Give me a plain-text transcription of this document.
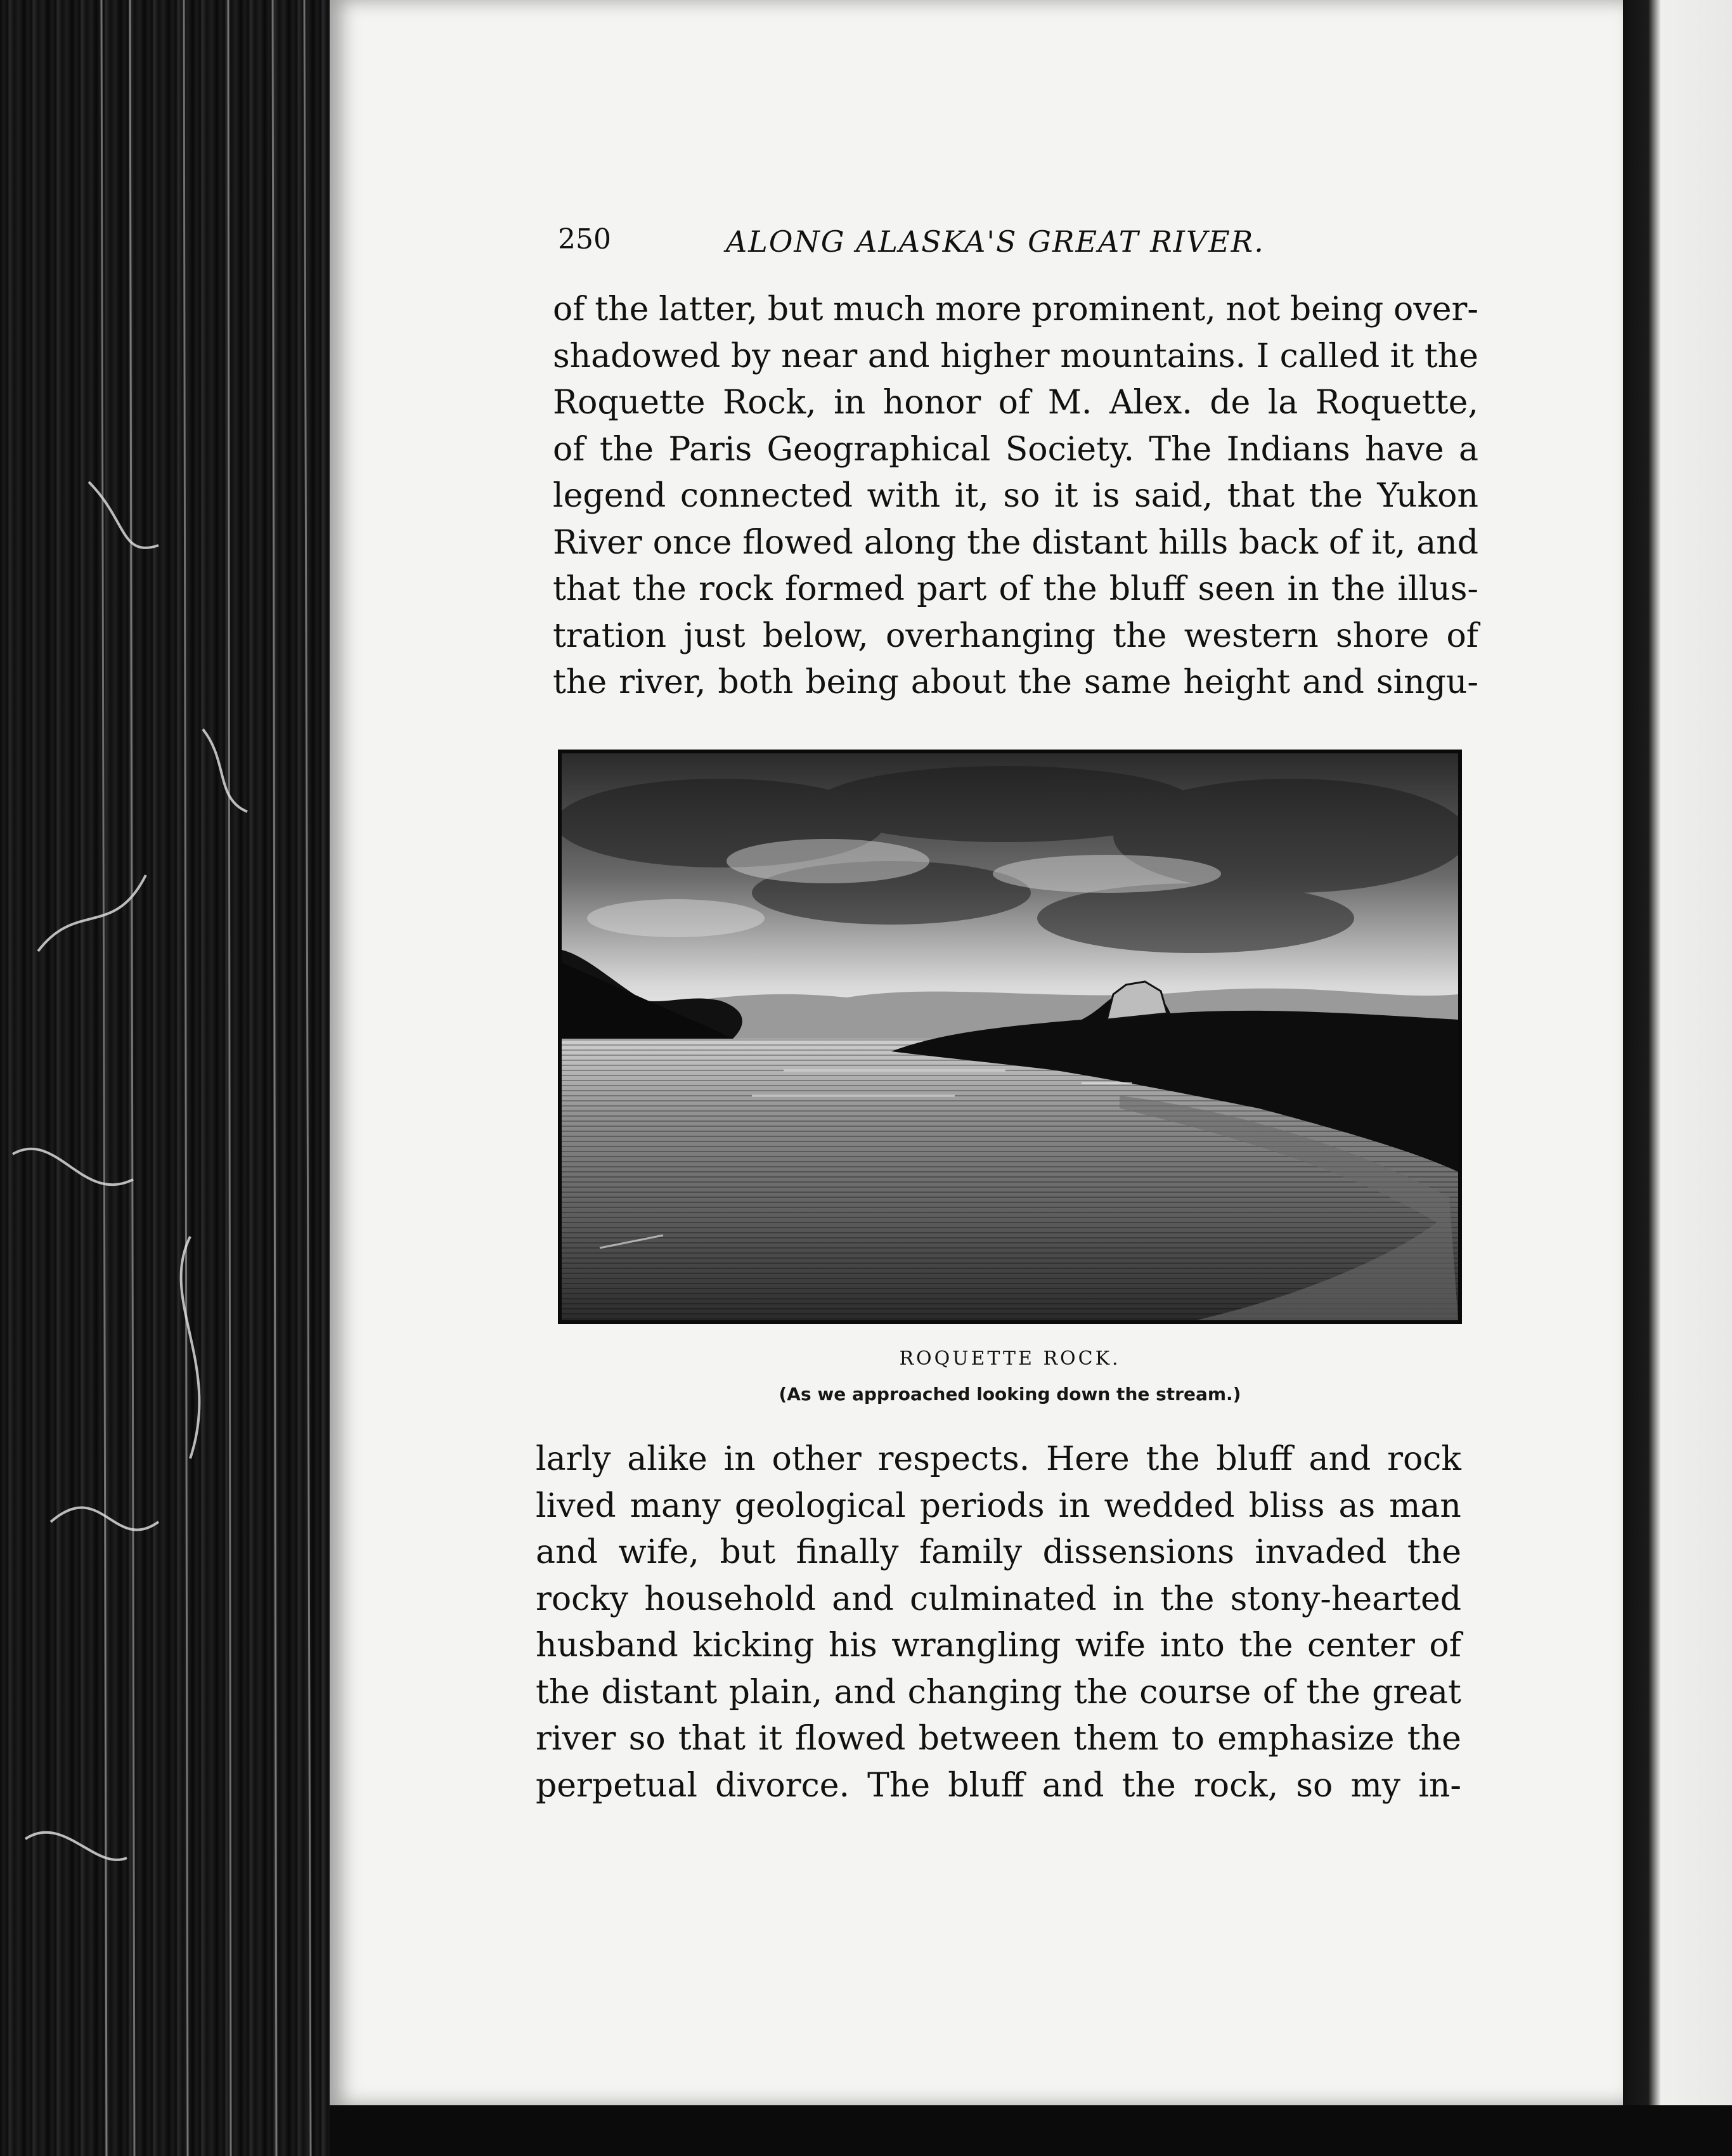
250	ALONG ALASKA'S GREAT RIVER.
of the latter, but much more prominent, not being over-
shadowed by near and higher mountains. I called it the
Roquette Rock, in honor of M. Alex. de la Roquette,
of the Paris Geographical Society. The Indians have a
legend connected with it, so it is said, that the Yukon
River once flowed along the distant hills back of it, and
that the rock formed part of the bluff seen in the illus-
tration just below, overhanging the western shore of
the river, both being about the same height and singu-
ROQUETTE ROCK.
(As we approached looking down the stream.)
larly alike in other respects. Here the bluff and rock
lived many geological periods in wedded bliss as man
and wife, but finally family dissensions invaded the
rocky household and culminated in the stony-hearted
husband kicking his wrangling wife into the center of
the distant plain, and changing the course of the great
river so that it flowed between them to emphasize the
perpetual divorce. The bluff and the rock, so my in-
